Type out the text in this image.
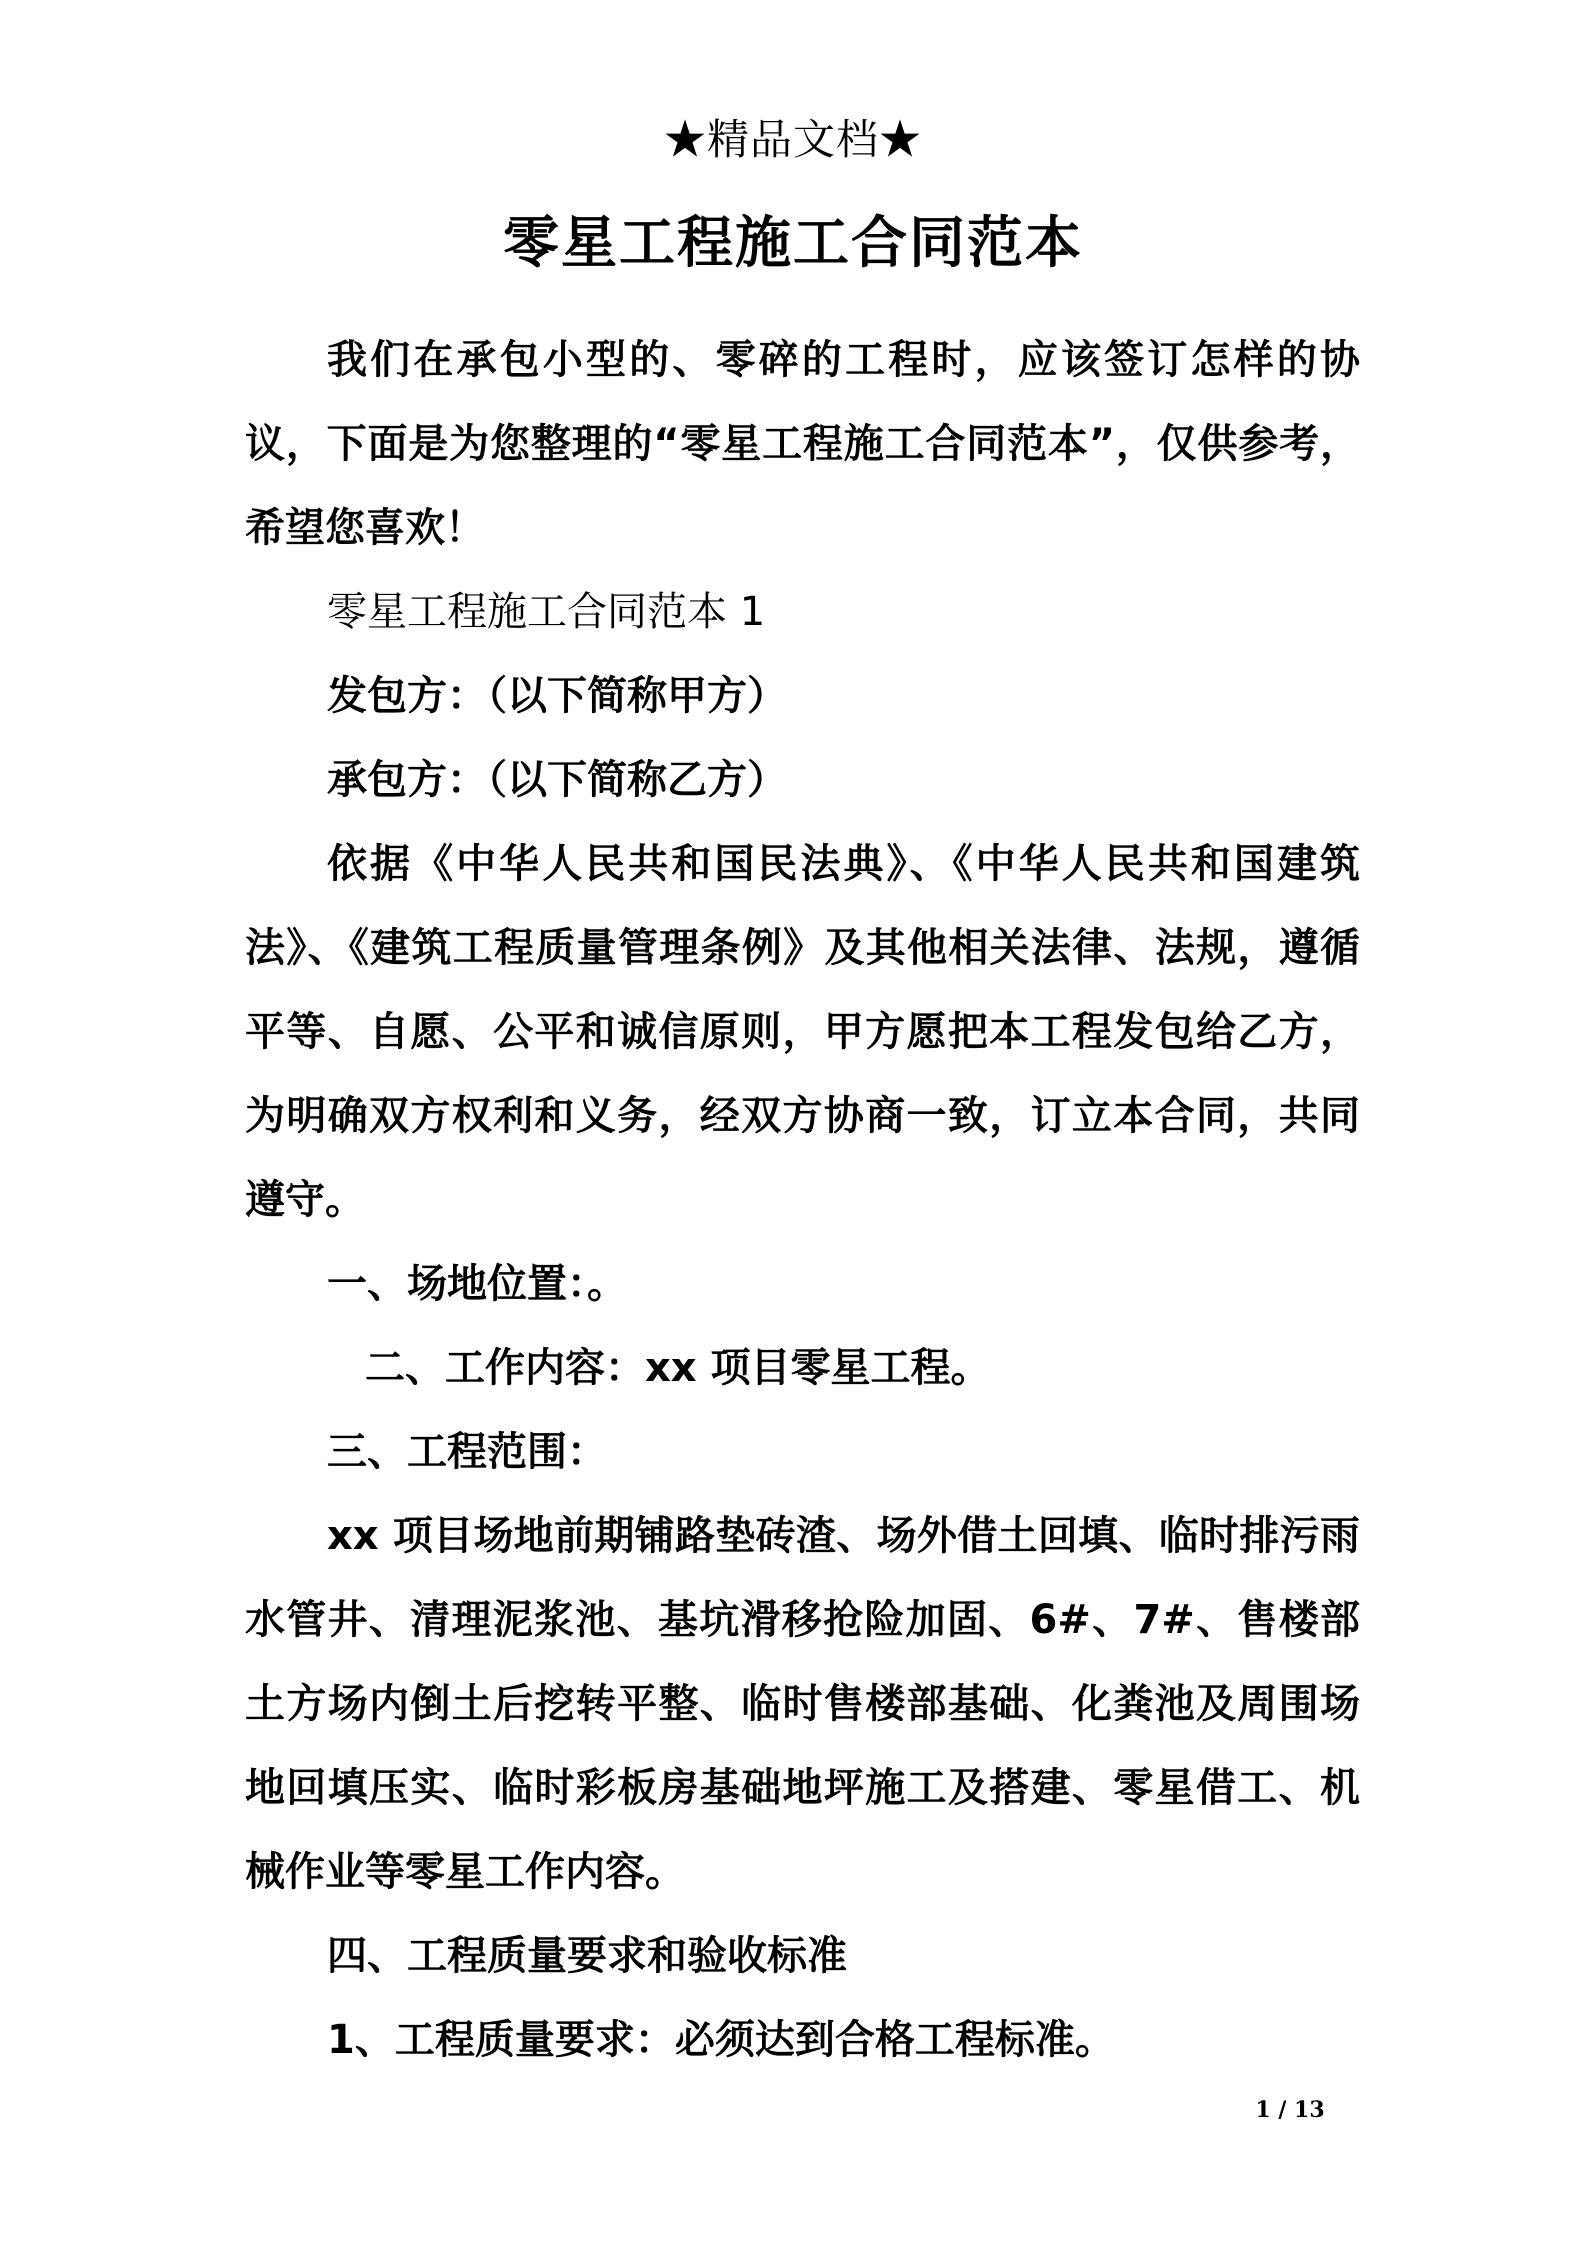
★精品文档★
零星工程施工合同范本

我们在承包小型的、零碎的工程时，应该签订怎样的协议，下面是为您整理的“零星工程施工合同范本”，仅供参考，希望您喜欢！

零星工程施工合同范本 1

发包方：（以下简称甲方）

承包方：（以下简称乙方）

依据《中华人民共和国民法典》、《中华人民共和国建筑法》、《建筑工程质量管理条例》及其他相关法律、法规，遵循平等、自愿、公平和诚信原则，甲方愿把本工程发包给乙方，为明确双方权利和义务，经双方协商一致，订立本合同，共同遵守。

一、场地位置：。

二、工作内容：xx 项目零星工程。

三、工程范围：

xx 项目场地前期铺路垫砖渣、场外借土回填、临时排污雨水管井、清理泥浆池、基坑滑移抢险加固、6#、7#、售楼部土方场内倒土后挖转平整、临时售楼部基础、化粪池及周围场地回填压实、临时彩板房基础地坪施工及搭建、零星借工、机械作业等零星工作内容。

四、工程质量要求和验收标准

1、工程质量要求：必须达到合格工程标准。

1 / 13
